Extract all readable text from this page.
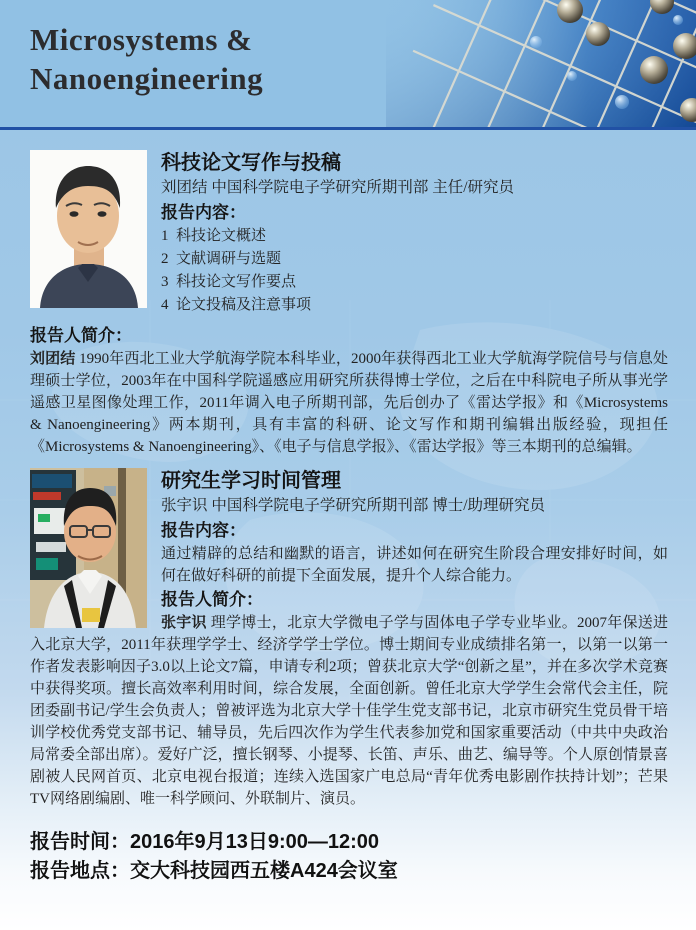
Microsystems &
Nanoengineering
科技论文写作与投稿
刘团结 中国科学院电子学研究所期刊部 主任/研究员
报告内容：
1  科技论文概述
2  文献调研与选题
3  科技论文写作要点
4  论文投稿及注意事项
报告人简介：
刘团结 1990年西北工业大学航海学院本科毕业，2000年获得西北工业大学航海学院信号与信息处理硕士学位，2003年在中国科学院遥感应用研究所获得博士学位，之后在中科院电子所从事光学遥感卫星图像处理工作，2011年调入电子所期刊部，先后创办了《雷达学报》和《Microsystems & Nanoengineering》两本期刊，具有丰富的科研、论文写作和期刊编辑出版经验，现担任《Microsystems & Nanoengineering》、《电子与信息学报》、《雷达学报》等三本期刊的总编辑。
研究生学习时间管理
张宇识 中国科学院电子学研究所期刊部 博士/助理研究员
报告内容：
通过精辟的总结和幽默的语言，讲述如何在研究生阶段合理安排好时间，如何在做好科研的前提下全面发展，提升个人综合能力。
报告人简介：
张宇识 理学博士，北京大学微电子学与固体电子学专业毕业。2007年保送进入北京大学，2011年获理学学士、经济学学士学位。博士期间专业成绩排名第一，以第一以第一作者发表影响因子3.0以上论文7篇，申请专利2项；曾获北京大学“创新之星”，并在多次学术竞赛中获得奖项。擅长高效率利用时间，综合发展，全面创新。曾任北京大学学生会常代会主任，院团委副书记/学生会负责人；曾被评选为北京大学十佳学生党支部书记，北京市研究生党员骨干培训学校优秀党支部书记、辅导员，先后四次作为学生代表参加党和国家重要活动（中共中央政治局常委全部出席）。爱好广泛，擅长钢琴、小提琴、长笛、声乐、曲艺、编导等。个人原创情景喜剧被人民网首页、北京电视台报道；连续入选国家广电总局“青年优秀电影剧作扶持计划”；芒果TV网络剧编剧、唯一科学顾问、外联制片、演员。
报告时间：2016年9月13日9:00—12:00
报告地点：交大科技园西五楼A424会议室
